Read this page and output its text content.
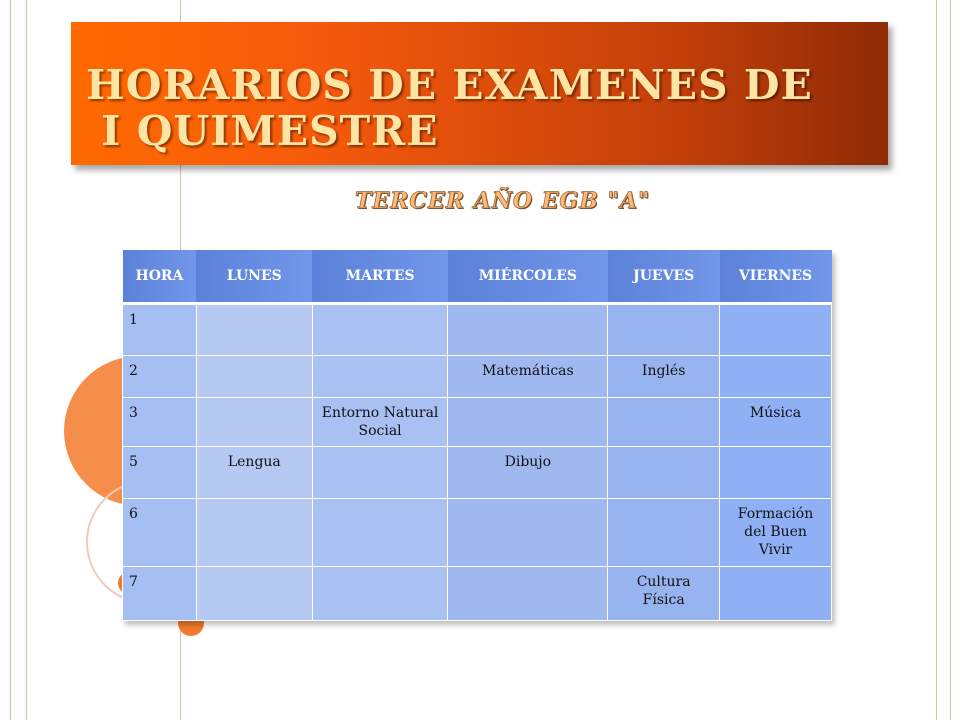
HORARIOS DE EXAMENES DE
I QUIMESTRE
TERCER AÑO EGB "A"
HORA	LUNES	MARTES	MIÉRCOLES	JUEVES	VIERNES
1					
2			Matemáticas	Inglés	
3		Entorno Natural Social			Música
5	Lengua		Dibujo		
6					Formación del Buen Vivir
7				Cultura Física	
